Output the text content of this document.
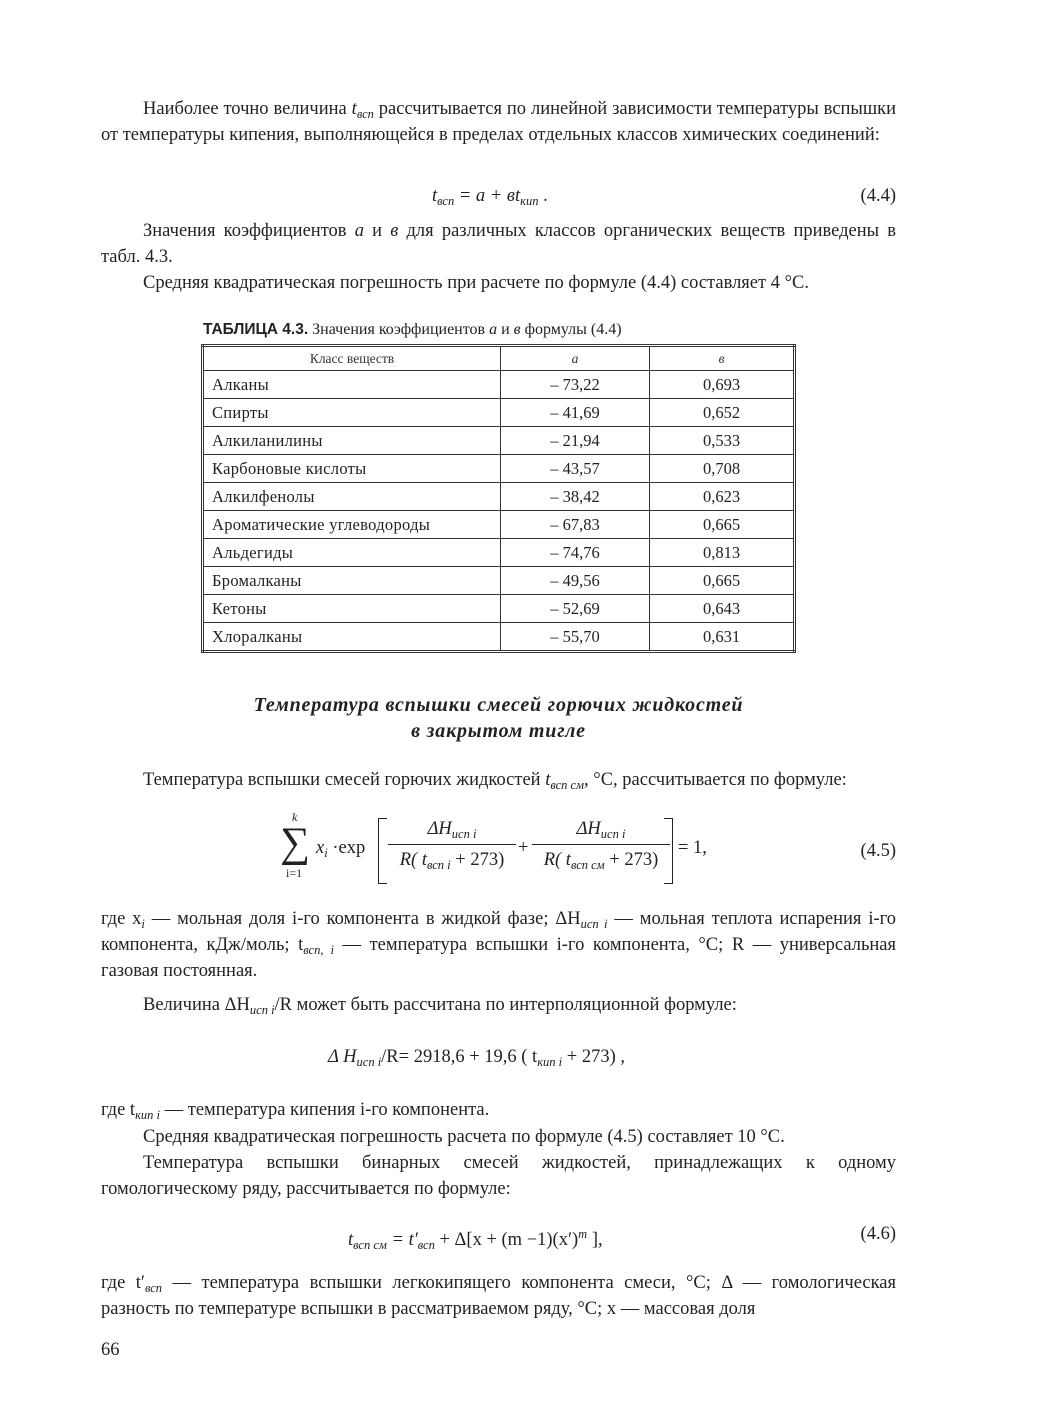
Наиболее точно величина $t_{всп}$ рассчитывается по линейной зависимости температуры вспышки от температуры кипения, выполняющейся в пределах отдельных классов химических соединений:

$t_{всп} = a + вt_{кип}$ .	(4.4)

Значения коэффициентов а и в для различных классов органических веществ приведены в табл. 4.3.

Средняя квадратическая погрешность при расчете по формуле (4.4) составляет 4 °С.

ТАБЛИЦА 4.3. Значения коэффициентов а и в формулы (4.4)
Класс веществ	a	в
Алканы	– 73,22	0,693
Спирты	– 41,69	0,652
Алкиланилины	– 21,94	0,533
Карбоновые кислоты	– 43,57	0,708
Алкилфенолы	– 38,42	0,623
Ароматические углеводороды	– 67,83	0,665
Альдегиды	– 74,76	0,813
Бромалканы	– 49,56	0,665
Кетоны	– 52,69	0,643
Хлоралканы	– 55,70	0,631
Температура вспышки смесей горючих жидкостей
в закрытом тигле

Температура вспышки смесей горючих жидкостей $t_{всп см}$, °С, рассчитывается по формуле:

∑
k
i=1
$x_i \cdot\exp$
$\Delta H_{исп i}$
R( $t_{всп i} + 273$)
+
$\Delta H_{исп i}$
R( $t_{всп см} + 273$)
= 1,	(4.5)

где $x_i$ — мольная доля i-го компонента в жидкой фазе; $\Delta H_{исп i}$ — мольная теплота испарения i-го компонента, кДж/моль; $t_{всп, i}$ — температура вспышки i-го компонента, °С; R — универсальная газовая постоянная.

Величина $\Delta H_{исп i}/R$ может быть рассчитана по интерполяционной формуле:

Δ $H_{исп i}/R= 2918,6 + 19,6$ ( $t_{кип i} + 273$) ,

где $t_{кип i}$ — температура кипения i-го компонента.

Средняя квадратическая погрешность расчета по формуле (4.5) составляет 10 °С.

Температура вспышки бинарных смесей жидкостей, принадлежащих к одному гомологическому ряду, рассчитывается по формуле:

$t_{всп см} = t'_{всп} + \Delta[x + (m -1)(x')^m$ ],	(4.6)

где $t'_{всп}$ — температура вспышки легкокипящего компонента смеси, °С; Δ — гомологическая разность по температуре вспышки в рассматриваемом ряду, °С; x — массовая доля

66
